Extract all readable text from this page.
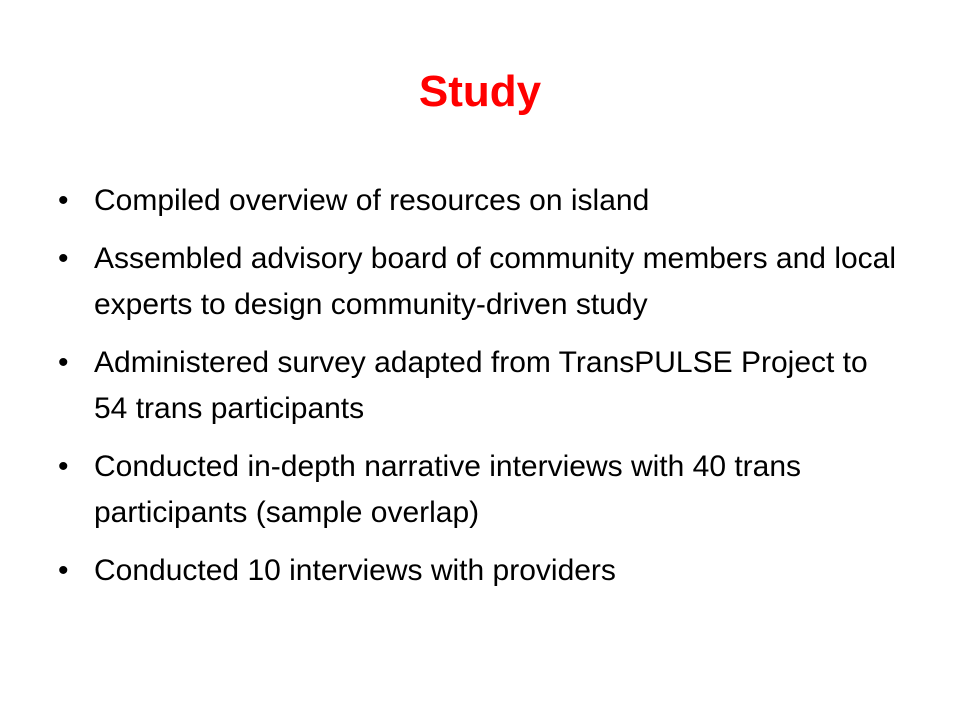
Study
• Compiled overview of resources on island
• Assembled advisory board of community members and local experts to design community-driven study
• Administered survey adapted from TransPULSE Project to 54 trans participants
• Conducted in-depth narrative interviews with 40 trans participants (sample overlap)
• Conducted 10 interviews with providers
